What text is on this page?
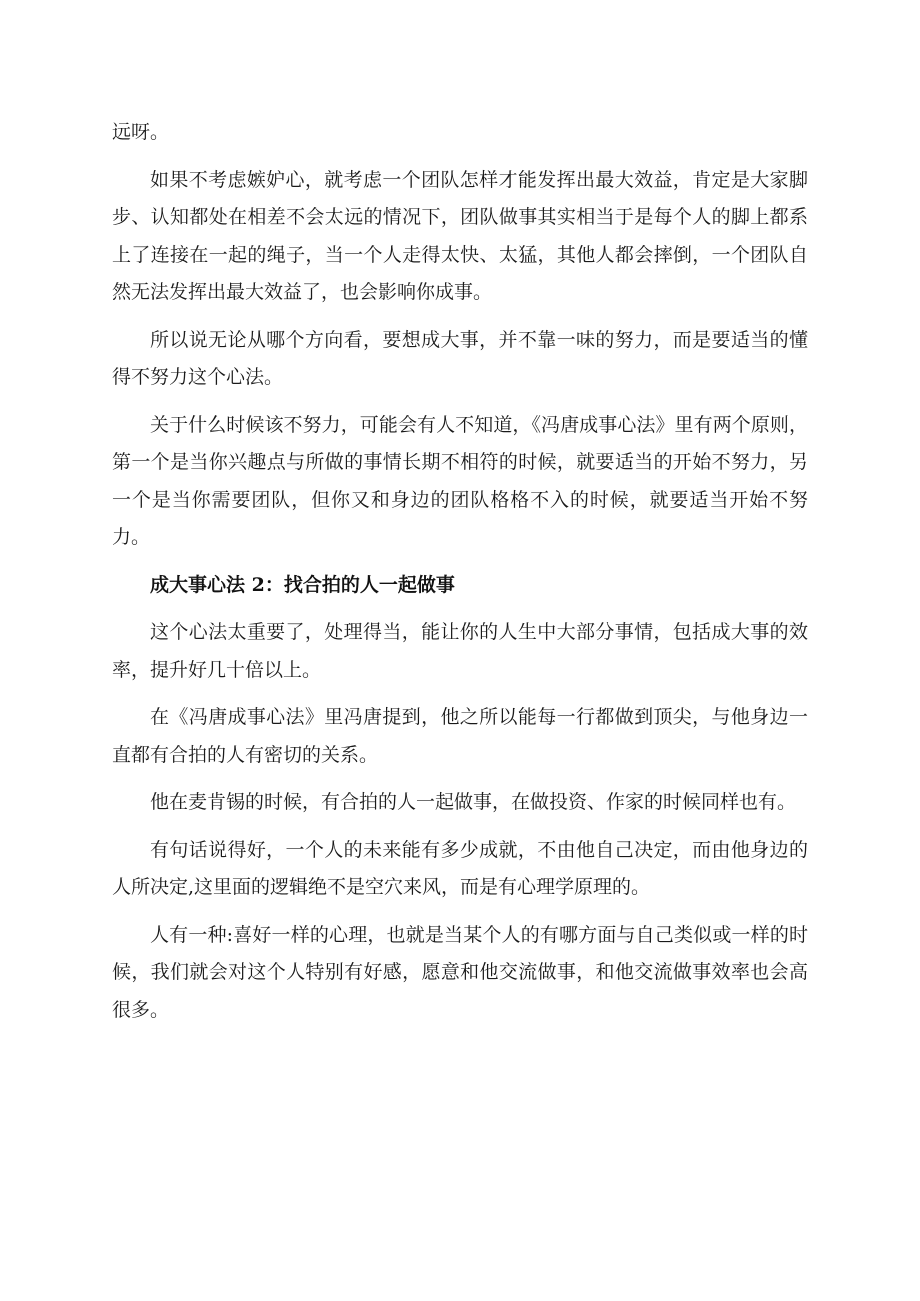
远呀。

如果不考虑嫉妒心，就考虑一个团队怎样才能发挥出最大效益，肯定是大家脚步、认知都处在相差不会太远的情况下，团队做事其实相当于是每个人的脚上都系上了连接在一起的绳子，当一个人走得太快、太猛，其他人都会摔倒，一个团队自然无法发挥出最大效益了，也会影响你成事。

所以说无论从哪个方向看，要想成大事，并不靠一味的努力，而是要适当的懂得不努力这个心法。

关于什么时候该不努力，可能会有人不知道，《冯唐成事心法》里有两个原则，第一个是当你兴趣点与所做的事情长期不相符的时候，就要适当的开始不努力，另一个是当你需要团队，但你又和身边的团队格格不入的时候，就要适当开始不努力。

成大事心法 2：找合拍的人一起做事

这个心法太重要了，处理得当，能让你的人生中大部分事情，包括成大事的效率，提升好几十倍以上。

在《冯唐成事心法》里冯唐提到，他之所以能每一行都做到顶尖，与他身边一直都有合拍的人有密切的关系。

他在麦肯锡的时候，有合拍的人一起做事，在做投资、作家的时候同样也有。

有句话说得好，一个人的未来能有多少成就，不由他自己决定，而由他身边的人所决定,这里面的逻辑绝不是空穴来风，而是有心理学原理的。

人有一种:喜好一样的心理，也就是当某个人的有哪方面与自己类似或一样的时候，我们就会对这个人特别有好感，愿意和他交流做事，和他交流做事效率也会高很多。
